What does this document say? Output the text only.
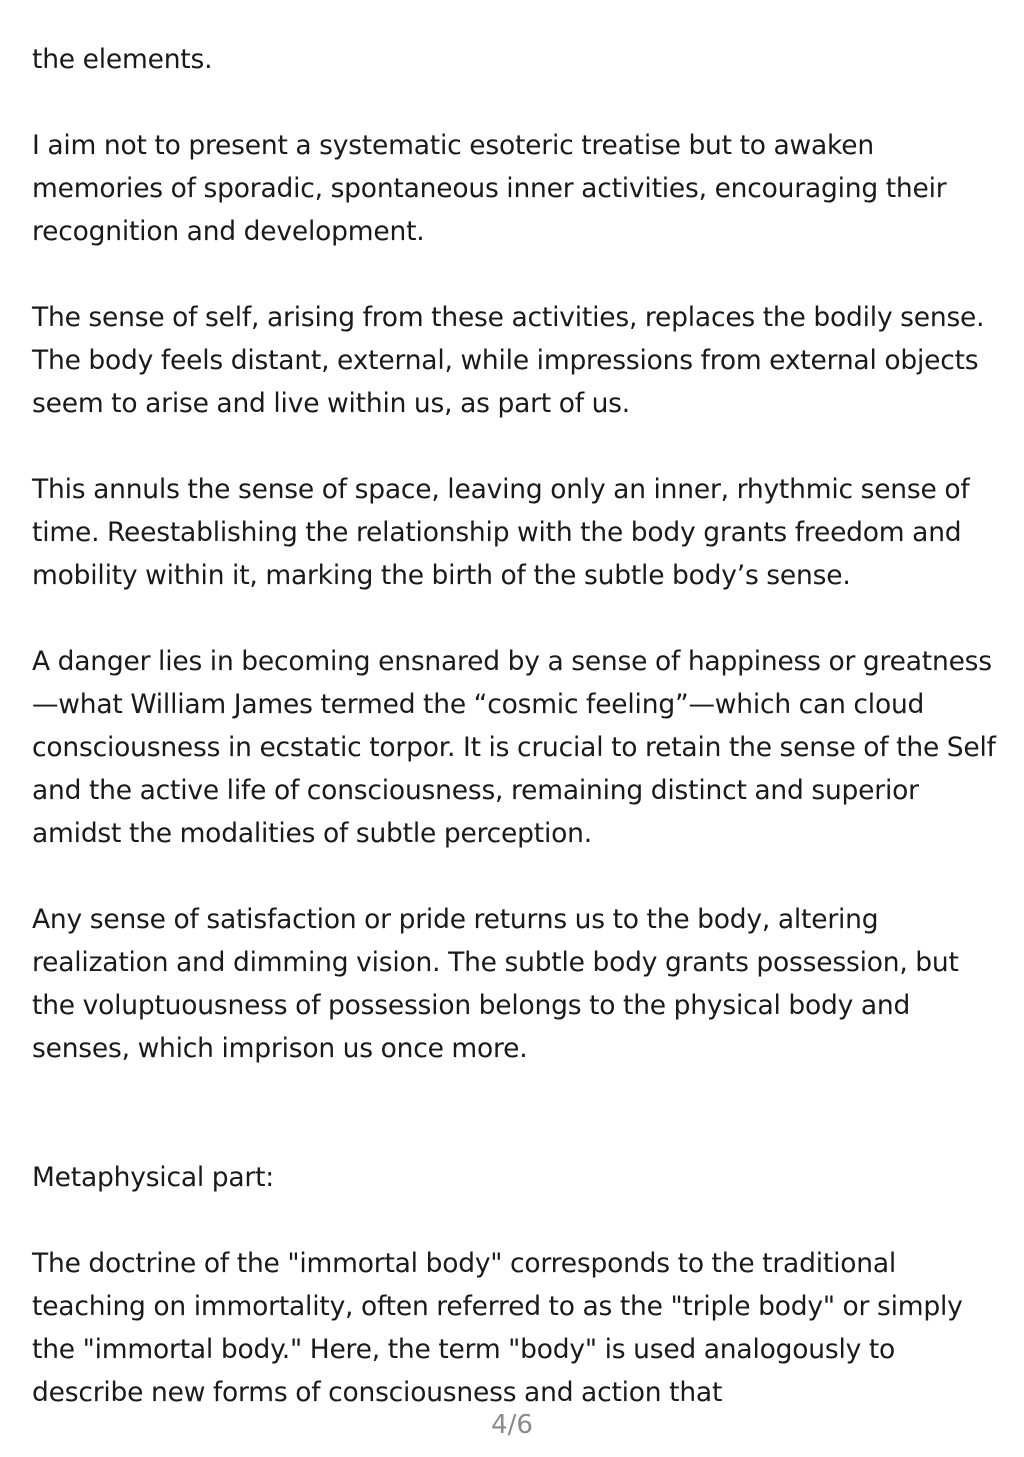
the elements.

I aim not to present a systematic esoteric treatise but to awaken memories of sporadic, spontaneous inner activities, encouraging their recognition and development.

The sense of self, arising from these activities, replaces the bodily sense. The body feels distant, external, while impressions from external objects seem to arise and live within us, as part of us.

This annuls the sense of space, leaving only an inner, rhythmic sense of time. Reestablishing the relationship with the body grants freedom and mobility within it, marking the birth of the subtle body’s sense.

A danger lies in becoming ensnared by a sense of happiness or greatness—what William James termed the “cosmic feeling”—which can cloud consciousness in ecstatic torpor. It is crucial to retain the sense of the Self and the active life of consciousness, remaining distinct and superior amidst the modalities of subtle perception.

Any sense of satisfaction or pride returns us to the body, altering realization and dimming vision. The subtle body grants possession, but the voluptuousness of possession belongs to the physical body and senses, which imprison us once more.

Metaphysical part:

The doctrine of the "immortal body" corresponds to the traditional teaching on immortality, often referred to as the "triple body" or simply the "immortal body." Here, the term "body" is used analogously to describe new forms of consciousness and action that

4/6
